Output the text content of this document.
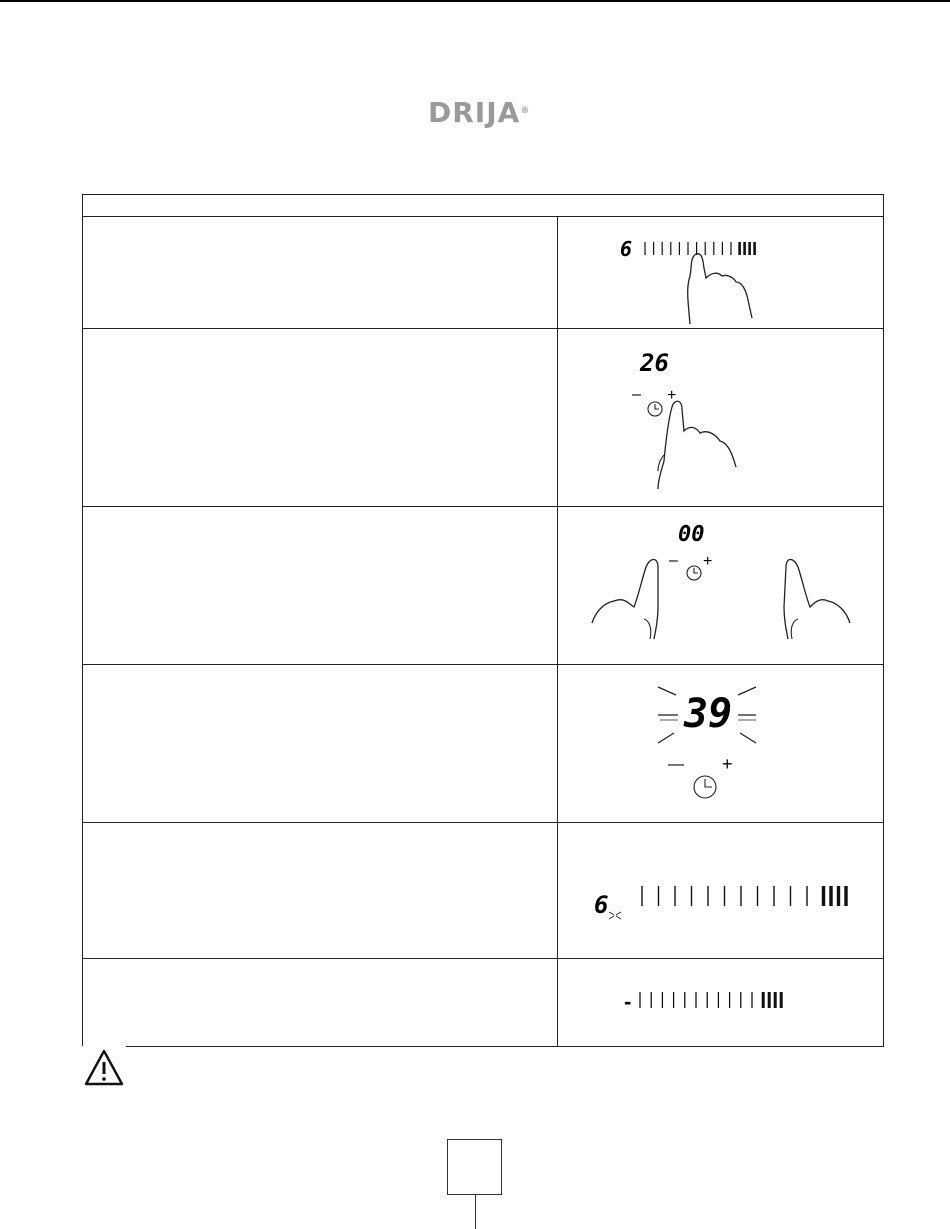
DRIJA®
6
26
– +
00
– +
39
— +
6
-
